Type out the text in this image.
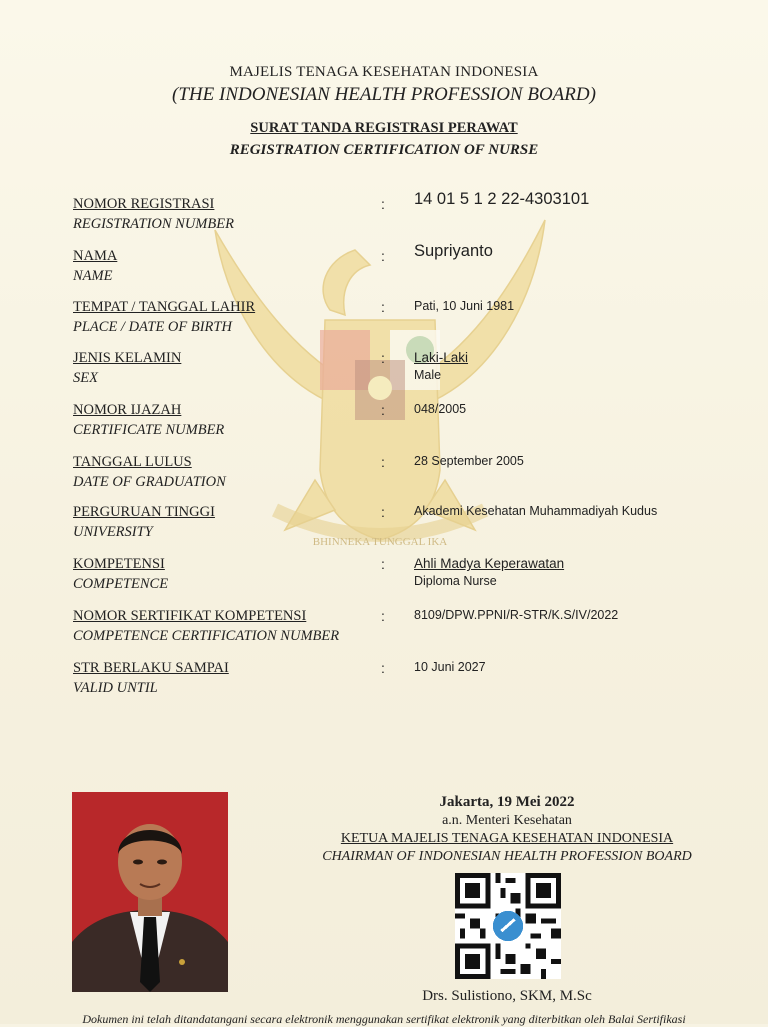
BHINNEKA TUNGGAL IKA
MAJELIS TENAGA KESEHATAN INDONESIA
(THE INDONESIAN HEALTH PROFESSION BOARD)
SURAT TANDA REGISTRASI PERAWAT
REGISTRATION CERTIFICATION OF NURSE
NOMOR REGISTRASI
REGISTRATION NUMBER
: 14 01 5 1 2 22-4303101
NAMA
NAME
: Supriyanto
TEMPAT / TANGGAL LAHIR
PLACE / DATE OF BIRTH
: Pati, 10 Juni 1981
JENIS KELAMIN
SEX
: Laki-Laki
Male
NOMOR IJAZAH
CERTIFICATE NUMBER
: 048/2005
TANGGAL LULUS
DATE OF GRADUATION
: 28 September 2005
PERGURUAN TINGGI
UNIVERSITY
: Akademi Kesehatan Muhammadiyah Kudus
KOMPETENSI
COMPETENCE
: Ahli Madya Keperawatan
Diploma Nurse
NOMOR SERTIFIKAT KOMPETENSI
COMPETENCE CERTIFICATION NUMBER
: 8109/DPW.PPNI/R-STR/K.S/IV/2022
STR BERLAKU SAMPAI
VALID UNTIL
: 10 Juni 2027
Jakarta, 19 Mei 2022
a.n. Menteri Kesehatan
KETUA MAJELIS TENAGA KESEHATAN INDONESIA
CHAIRMAN OF INDONESIAN HEALTH PROFESSION BOARD
Drs. Sulistiono, SKM, M.Sc
Dokumen ini telah ditandatangani secara elektronik menggunakan sertifikat elektronik yang diterbitkan oleh Balai Sertifikasi
